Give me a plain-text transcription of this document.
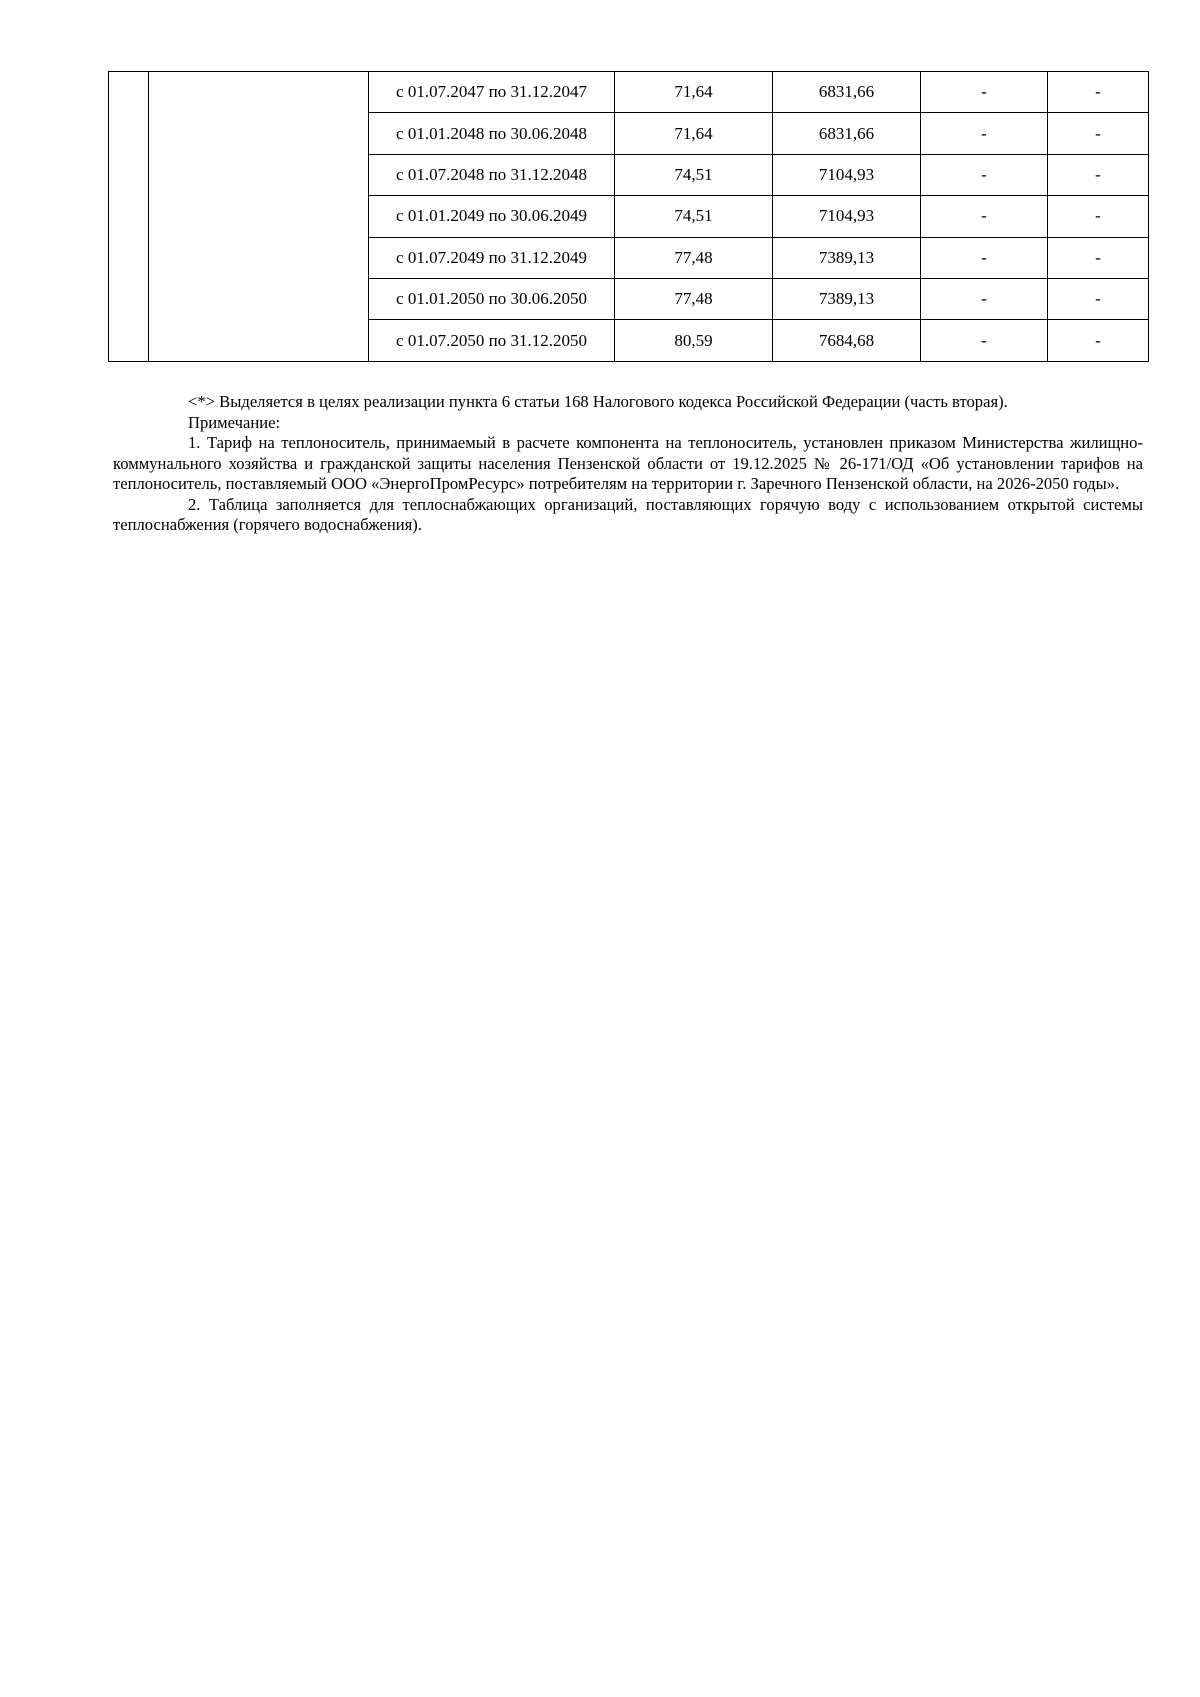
		с 01.07.2047 по 31.12.2047	71,64	6831,66	-	-
		с 01.01.2048 по 30.06.2048	71,64	6831,66	-	-
		с 01.07.2048 по 31.12.2048	74,51	7104,93	-	-
		с 01.01.2049 по 30.06.2049	74,51	7104,93	-	-
		с 01.07.2049 по 31.12.2049	77,48	7389,13	-	-
		с 01.01.2050 по 30.06.2050	77,48	7389,13	-	-
		с 01.07.2050 по 31.12.2050	80,59	7684,68	-	-

<*> Выделяется в целях реализации пункта 6 статьи 168 Налогового кодекса Российской Федерации (часть вторая).

Примечание:

1. Тариф на теплоноситель, принимаемый в расчете компонента на теплоноситель, установлен приказом Министерства жилищно-коммунального хозяйства и гражданской защиты населения Пензенской области от 19.12.2025 № 26-171/ОД «Об установлении тарифов на теплоноситель, поставляемый ООО «ЭнергоПромРесурс» потребителям на территории г. Заречного Пензенской области, на 2026-2050 годы».

2. Таблица заполняется для теплоснабжающих организаций, поставляющих горячую воду с использованием открытой системы теплоснабжения (горячего водоснабжения).
